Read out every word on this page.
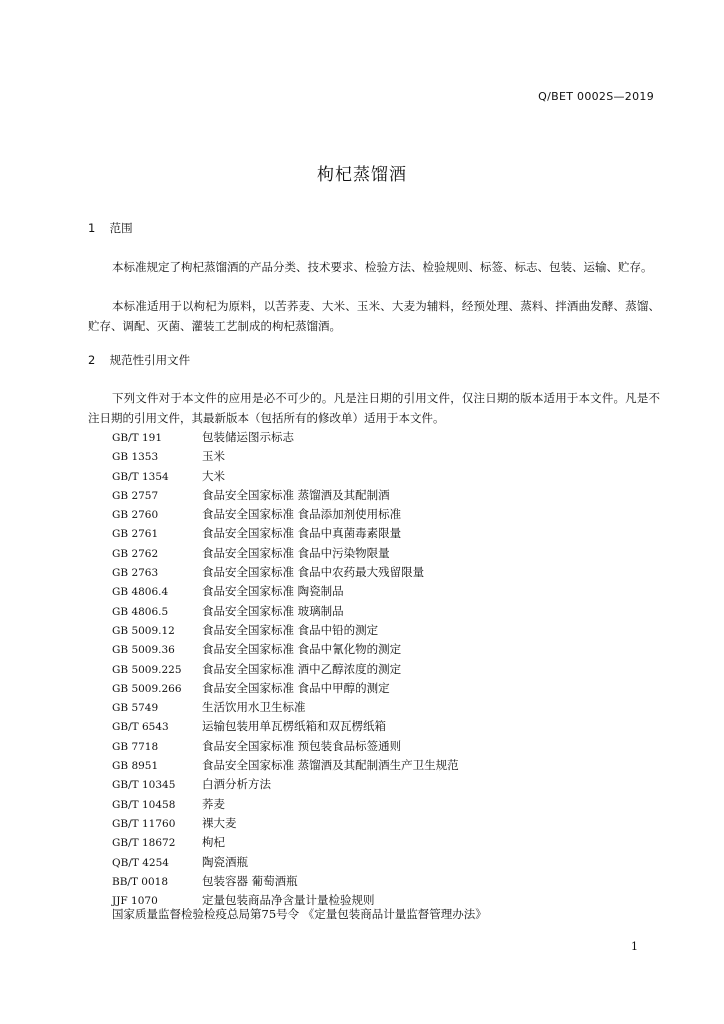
Q/BET 0002S—2019
枸杞蒸馏酒
1 范围
本标准规定了枸杞蒸馏酒的产品分类、技术要求、检验方法、检验规则、标签、标志、包装、运输、贮存。
本标准适用于以枸杞为原料，以苦荞麦、大米、玉米、大麦为辅料，经预处理、蒸料、拌酒曲发酵、蒸馏、贮存、调配、灭菌、灌装工艺制成的枸杞蒸馏酒。
2 规范性引用文件
下列文件对于本文件的应用是必不可少的。凡是注日期的引用文件，仅注日期的版本适用于本文件。凡是不注日期的引用文件，其最新版本（包括所有的修改单）适用于本文件。
GB/T 191	包装储运图示标志
GB 1353	玉米
GB/T 1354	大米
GB 2757	食品安全国家标准 蒸馏酒及其配制酒
GB 2760	食品安全国家标准 食品添加剂使用标准
GB 2761	食品安全国家标准 食品中真菌毒素限量
GB 2762	食品安全国家标准 食品中污染物限量
GB 2763	食品安全国家标准 食品中农药最大残留限量
GB 4806.4	食品安全国家标准 陶瓷制品
GB 4806.5	食品安全国家标准 玻璃制品
GB 5009.12 食品安全国家标准 食品中铅的测定
GB 5009.36 食品安全国家标准 食品中氰化物的测定
GB 5009.225 食品安全国家标准 酒中乙醇浓度的测定
GB 5009.266 食品安全国家标准 食品中甲醇的测定
GB 5749	生活饮用水卫生标准
GB/T 6543	运输包装用单瓦楞纸箱和双瓦楞纸箱
GB 7718	食品安全国家标准 预包装食品标签通则
GB 8951	食品安全国家标准 蒸馏酒及其配制酒生产卫生规范
GB/T 10345 白酒分析方法
GB/T 10458 荞麦
GB/T 11760 裸大麦
GB/T 18672 枸杞
QB/T 4254	陶瓷酒瓶
BB/T 0018	包装容器 葡萄酒瓶
JJF 1070	定量包装商品净含量计量检验规则
国家质量监督检验检疫总局第75号令 《定量包装商品计量监督管理办法》
1
